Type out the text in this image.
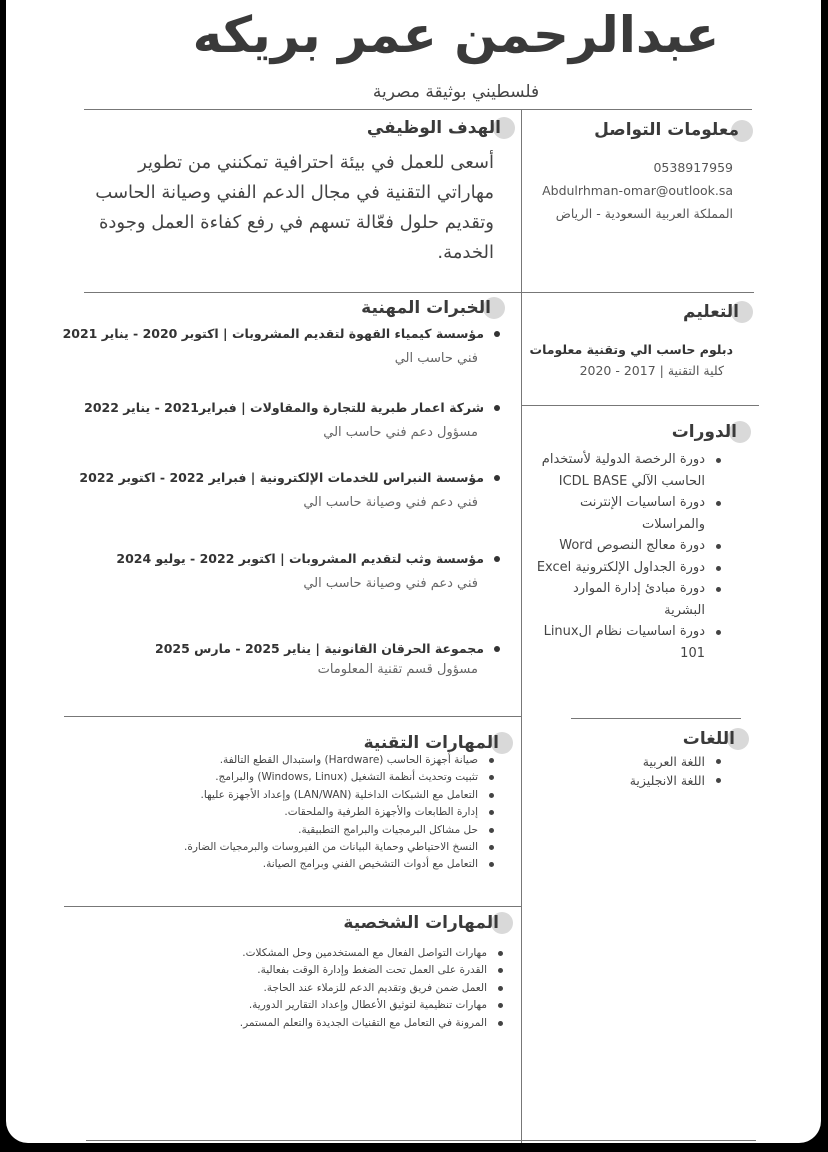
عبدالرحمن عمر بريكه
فلسطيني بوثيقة مصرية
الهدف الوظيفي
أسعى للعمل في بيئة احترافية تمكنني من تطوير مهاراتي التقنية في مجال الدعم الفني وصيانة الحاسب وتقديم حلول فعّالة تسهم في رفع كفاءة العمل وجودة الخدمة.
معلومات التواصل
0538917959
Abdulrhman-omar@outlook.sa
المملكة العربية السعودية - الرياض
الخبرات المهنية
مؤسسة كيمياء القهوة لتقديم المشروبات | اكتوبر 2020 - يناير 2021
فني حاسب الي
شركة اعمار طبرية للتجارة والمقاولات | فبراير2021 - يناير 2022
مسؤول دعم فني حاسب الي
مؤسسة النبراس للخدمات الإلكترونية | فبراير 2022 - اكتوبر 2022
فني دعم فني وصيانة حاسب الي
مؤسسة وثب لتقديم المشروبات | اكتوبر 2022 - يوليو 2024
فني دعم فني وصيانة حاسب الي
مجموعة الحرقان القانونية | يناير 2025 - مارس 2025
مسؤول قسم تقنية المعلومات
التعليم
دبلوم حاسب الي وتقنية معلومات
كلية التقنية | 2017 - 2020
الدورات
دورة الرخصة الدولية لأستخدام الحاسب الآلي ICDL BASE
دورة اساسيات الإنترنت والمراسلات
دورة معالج النصوص Word
دورة الجداول الإلكترونية Excel
دورة مبادئ إدارة الموارد البشرية
دورة اساسيات نظام الLinux 101
اللغات
اللغة العربية
اللغة الانجليزية
المهارات التقنية
صيانة أجهزة الحاسب (Hardware) واستبدال القطع التالفة.
تثبيت وتحديث أنظمة التشغيل (Windows, Linux) والبرامج.
التعامل مع الشبكات الداخلية (LAN/WAN) وإعداد الأجهزة عليها.
إدارة الطابعات والأجهزة الطرفية والملحقات.
حل مشاكل البرمجيات والبرامج التطبيقية.
النسخ الاحتياطي وحماية البيانات من الفيروسات والبرمجيات الضارة.
التعامل مع أدوات التشخيص الفني وبرامج الصيانة.
المهارات الشخصية
مهارات التواصل الفعال مع المستخدمين وحل المشكلات.
القدرة على العمل تحت الضغط وإدارة الوقت بفعالية.
العمل ضمن فريق وتقديم الدعم للزملاء عند الحاجة.
مهارات تنظيمية لتوثيق الأعطال وإعداد التقارير الدورية.
المرونة في التعامل مع التقنيات الجديدة والتعلم المستمر.
